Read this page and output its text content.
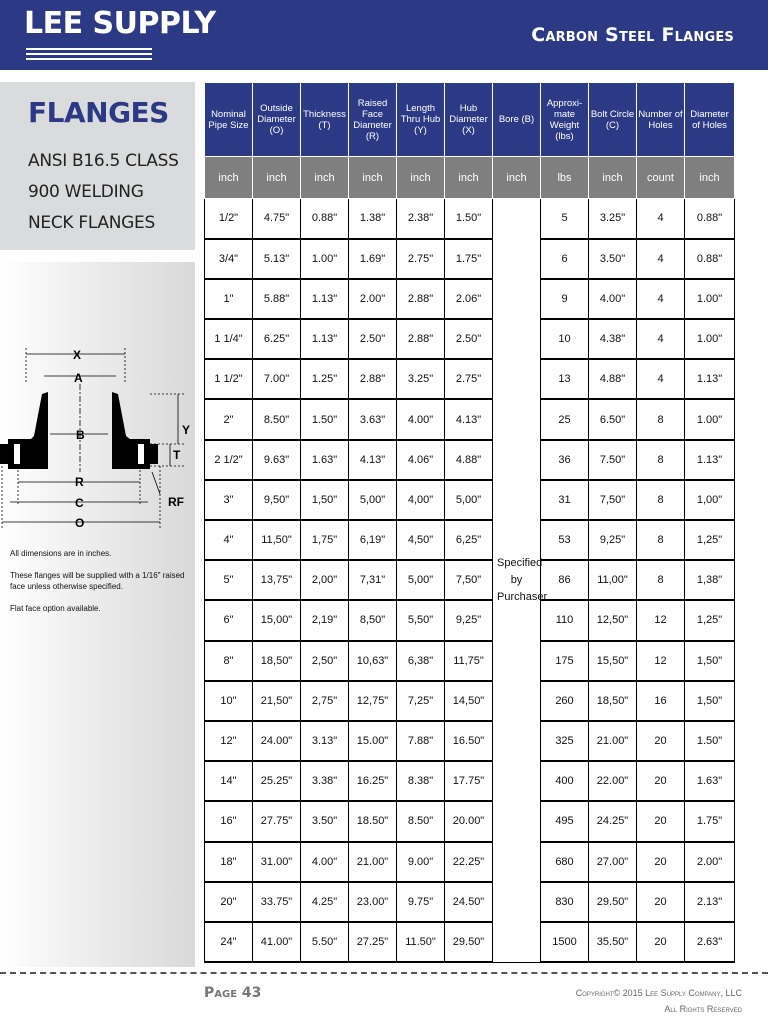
LEE SUPPLY	Carbon Steel Flanges
FLANGES
ANSI B16.5 CLASS 900 WELDING NECK FLANGES
X
A
B	Y
T
R
C
O
RF

All dimensions are in inches.

These flanges will be supplied with a 1/16" raised face unless otherwise specified.

Flat face option available.

Nominal Pipe Size	Outside Diameter (O)	Thickness (T)	Raised Face Diameter (R)	Length Thru Hub (Y)	Hub Diameter (X)	Bore (B)	Approxi- mate Weight (lbs)	Bolt Circle (C)	Number of Holes	Diameter of Holes
inch	inch	inch	inch	inch	inch	inch	lbs	inch	count	inch
1/2"	4.75"	0.88"	1.38"	2.38"	1.50"	Specified by Purchaser	5	3.25"	4	0.88"
3/4"	5.13"	1.00"	1.69"	2.75"	1.75"		6	3.50"	4	0.88"
1"	5.88"	1.13"	2.00"	2.88"	2.06"		9	4.00"	4	1.00"
1 1/4"	6.25"	1.13"	2.50"	2.88"	2.50"		10	4.38"	4	1.00"
1 1/2"	7.00"	1.25"	2.88"	3.25"	2.75"		13	4.88"	4	1.13"
2"	8.50"	1.50"	3.63"	4.00"	4.13"		25	6.50"	8	1.00"
2 1/2"	9.63"	1.63"	4.13"	4.06"	4.88"		36	7.50"	8	1.13"
3"	9,50"	1,50"	5,00"	4,00"	5,00"		31	7,50"	8	1,00"
4"	11,50"	1,75"	6,19"	4,50"	6,25"		53	9,25"	8	1,25"
5"	13,75"	2,00"	7,31"	5,00"	7,50"		86	11,00"	8	1,38"
6"	15,00"	2,19"	8,50"	5,50"	9,25"		110	12,50"	12	1,25"
8"	18,50"	2,50"	10,63"	6,38"	11,75"		175	15,50"	12	1,50"
10"	21,50"	2,75"	12,75"	7,25"	14,50"		260	18,50"	16	1,50"
12"	24.00"	3.13"	15.00"	7.88"	16.50"		325	21.00"	20	1.50"
14"	25.25"	3.38"	16.25"	8.38"	17.75"		400	22.00"	20	1.63"
16"	27.75"	3.50"	18.50"	8.50"	20.00"		495	24.25"	20	1.75"
18"	31.00"	4.00"	21.00"	9.00"	22.25"		680	27.00"	20	2.00"
20"	33.75"	4.25"	23.00"	9.75"	24.50"		830	29.50"	20	2.13"
24"	41.00"	5.50"	27.25"	11.50"	29.50"		1500	35.50"	20	2.63"
Page 43	Copyright© 2015 Lee Supply Company, LLC
All Rights Reserved
